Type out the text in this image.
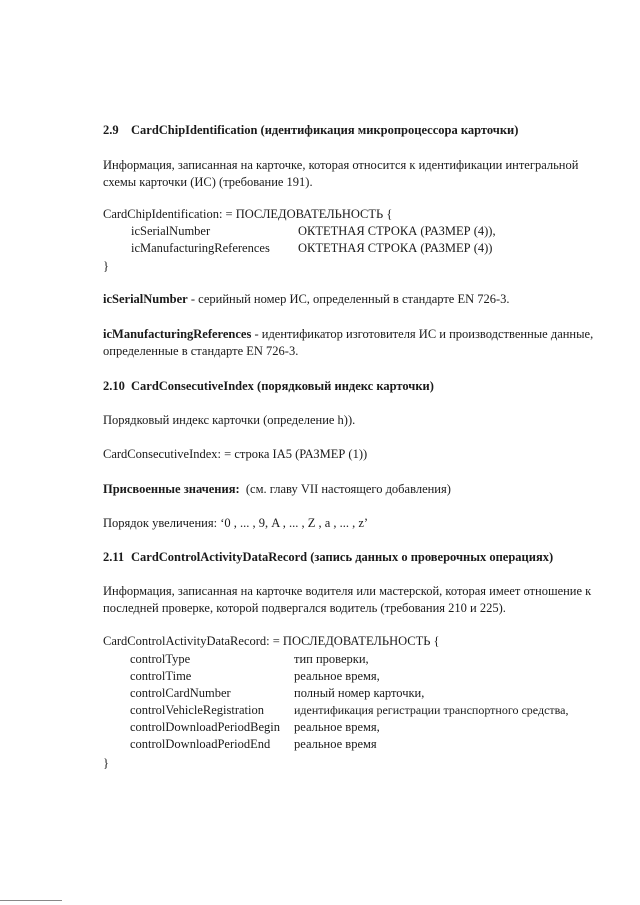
2.9 CardChipIdentification (идентификация микропроцессора карточки)
Информация, записанная на карточке, которая относится к идентификации интегральной схемы карточки (ИС) (требование 191).
CardChipIdentification: = ПОСЛЕДОВАТЕЛЬНОСТЬ {
icSerialNumber	ОКТЕТНАЯ СТРОКА (РАЗМЕР (4)),
icManufacturingReferences ОКТЕТНАЯ СТРОКА (РАЗМЕР (4))
}
icSerialNumber - серийный номер ИС, определенный в стандарте EN 726-3.
icManufacturingReferences - идентификатор изготовителя ИС и производственные данные, определенные в стандарте EN 726-3.
2.10 CardConsecutiveIndex (порядковый индекс карточки)
Порядковый индекс карточки (определение h)).
CardConsecutiveIndex: = строка IA5 (РАЗМЕР (1))
Присвоенные значения: (см. главу VII настоящего добавления)
Порядок увеличения: ‘0 , ... , 9, A , ... , Z , a , ... , z’
2.11 CardControlActivityDataRecord (запись данных о проверочных операциях)
Информация, записанная на карточке водителя или мастерской, которая имеет отношение к последней проверке, которой подвергался водитель (требования 210 и 225).
CardControlActivityDataRecord: = ПОСЛЕДОВАТЕЛЬНОСТЬ {
controlType	тип проверки,
controlTime	реальное время,
controlCardNumber	полный номер карточки,
controlVehicleRegistration	идентификация регистрации транспортного средства,
controlDownloadPeriodBegin реальное время,
controlDownloadPeriodEnd реальное время
}
